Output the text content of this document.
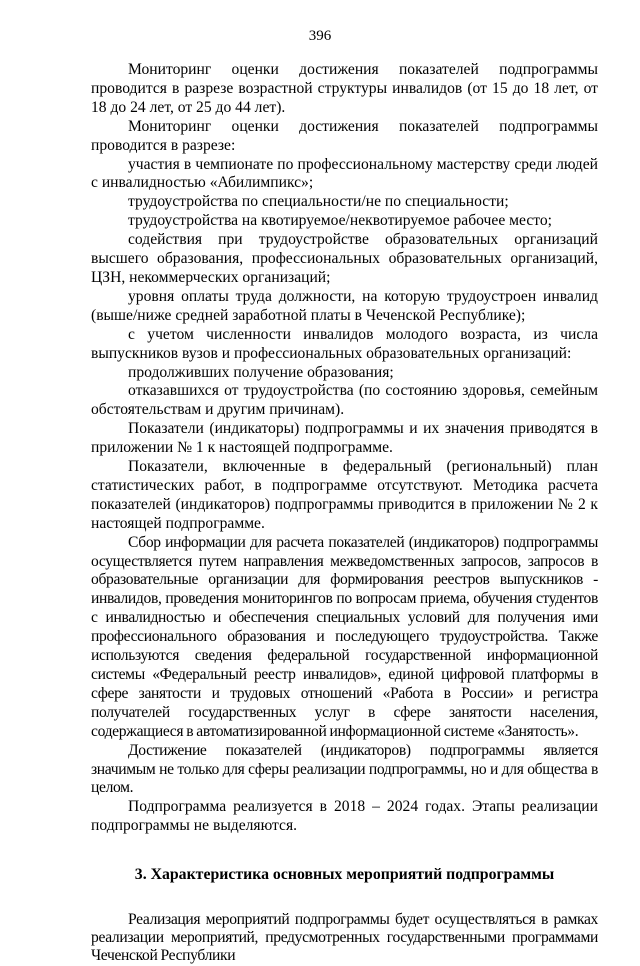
396

Мониторинг оценки достижения показателей подпрограммы проводится в разрезе возрастной структуры инвалидов (от 15 до 18 лет, от 18 до 24 лет, от 25 до 44 лет).

Мониторинг оценки достижения показателей подпрограммы проводится в разрезе:

участия в чемпионате по профессиональному мастерству среди людей с инвалидностью «Абилимпикс»;

трудоустройства по специальности/не по специальности;

трудоустройства на квотируемое/неквотируемое рабочее место;

содействия при трудоустройстве образовательных организаций высшего образования, профессиональных образовательных организаций, ЦЗН, некоммерческих организаций;

уровня оплаты труда должности, на которую трудоустроен инвалид (выше/ниже средней заработной платы в Чеченской Республике);

с учетом численности инвалидов молодого возраста, из числа выпускников вузов и профессиональных образовательных организаций:

продолживших получение образования;

отказавшихся от трудоустройства (по состоянию здоровья, семейным обстоятельствам и другим причинам).

Показатели (индикаторы) подпрограммы и их значения приводятся в приложении № 1 к настоящей подпрограмме.

Показатели, включенные в федеральный (региональный) план статистических работ, в подпрограмме отсутствуют. Методика расчета показателей (индикаторов) подпрограммы приводится в приложении № 2 к настоящей подпрограмме.

Сбор информации для расчета показателей (индикаторов) подпрограммы осуществляется путем направления межведомственных запросов, запросов в образовательные организации для формирования реестров выпускников - инвалидов, проведения мониторингов по вопросам приема, обучения студентов с инвалидностью и обеспечения специальных условий для получения ими профессионального образования и последующего трудоустройства. Также используются сведения федеральной государственной информационной системы «Федеральный реестр инвалидов», единой цифровой платформы в сфере занятости и трудовых отношений «Работа в России» и регистра получателей государственных услуг в сфере занятости населения, содержащиеся в автоматизированной информационной системе «Занятость».

Достижение показателей (индикаторов) подпрограммы является значимым не только для сферы реализации подпрограммы, но и для общества в целом.

Подпрограмма реализуется в 2018 – 2024 годах. Этапы реализации подпрограммы не выделяются.

3. Характеристика основных мероприятий подпрограммы

Реализация мероприятий подпрограммы будет осуществляться в рамках реализации мероприятий, предусмотренных государственными программами Чеченской Республики
